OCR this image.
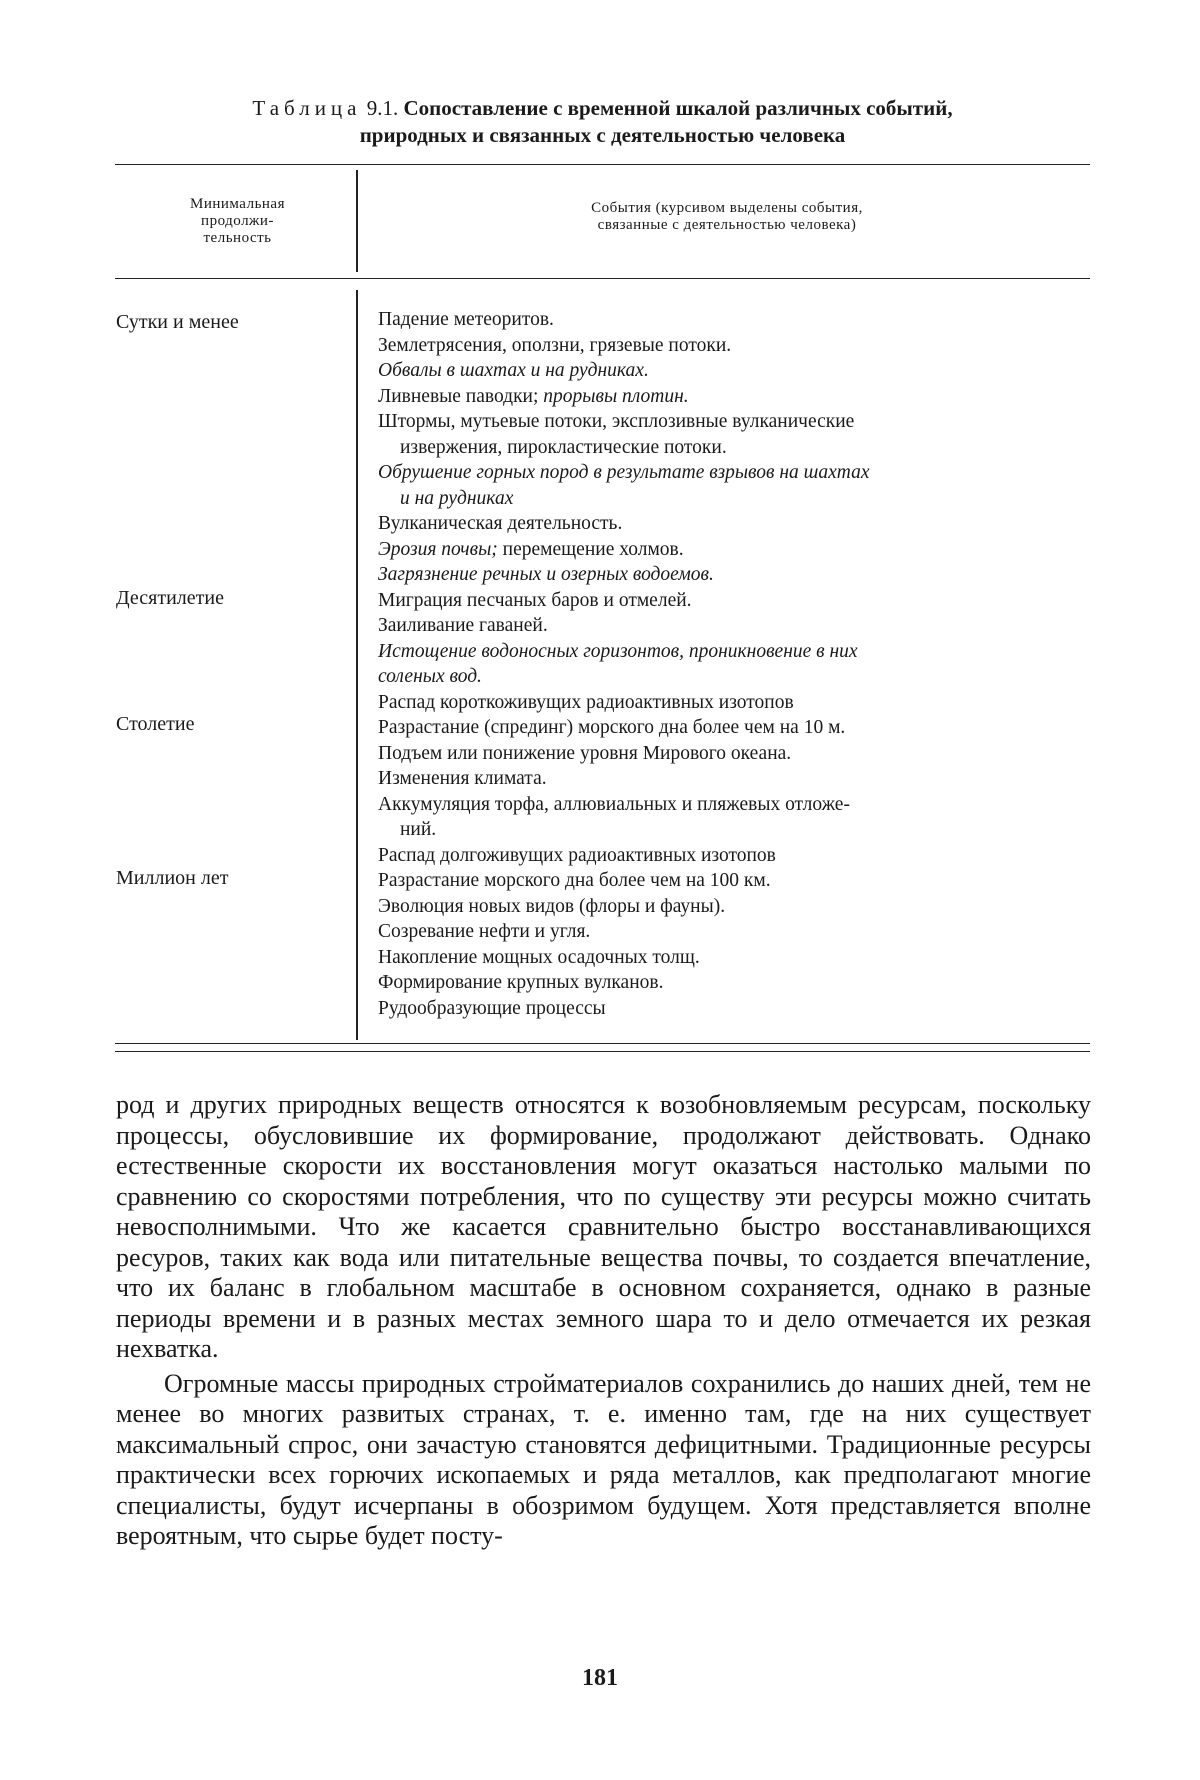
Таблица 9.1. Сопоставление с временной шкалой различных событий,
природных и связанных с деятельностью человека
Минимальная
продолжи-
тельность
События (курсивом выделены события,
связанные с деятельностью человека)
Сутки и менее
Десятилетие
Столетие
Миллион лет
Падение метеоритов.
Землетрясения, оползни, грязевые потоки.
Обвалы в шахтах и на рудниках.
Ливневые паводки; прорывы плотин.
Штормы, мутьевые потоки, эксплозивные вулканические
извержения, пирокластические потоки.
Обрушение горных пород в результате взрывов на шахтах
и на рудниках
Вулканическая деятельность.
Эрозия почвы; перемещение холмов.
Загрязнение речных и озерных водоемов.
Миграция песчаных баров и отмелей.
Заиливание гаваней.
Истощение водоносных горизонтов, проникновение в них
соленых вод.
Распад короткоживущих радиоактивных изотопов
Разрастание (спрединг) морского дна более чем на 10 м.
Подъем или понижение уровня Мирового океана.
Изменения климата.
Аккумуляция торфа, аллювиальных и пляжевых отложе-
ний.
Распад долгоживущих радиоактивных изотопов
Разрастание морского дна более чем на 100 км.
Эволюция новых видов (флоры и фауны).
Созревание нефти и угля.
Накопление мощных осадочных толщ.
Формирование крупных вулканов.
Рудообразующие процессы

род и других природных веществ относятся к возобновляемым ресурсам, поскольку процессы, обусловившие их формирование, продолжают действовать. Однако естественные скорости их восстановления могут оказаться настолько малыми по сравнению со скоростями потребления, что по существу эти ресурсы можно считать невосполнимыми. Что же касается сравнительно быстро восстанавливающихся ресуров, таких как вода или питательные вещества почвы, то создается впечатление, что их баланс в глобальном масштабе в основном сохраняется, однако в разные периоды времени и в разных местах земного шара то и дело отмечается их резкая нехватка.

Огромные массы природных стройматериалов сохранились до наших дней, тем не менее во многих развитых странах, т. е. именно там, где на них существует максимальный спрос, они зачастую становятся дефицитными. Традиционные ресурсы практически всех горючих ископаемых и ряда металлов, как предполагают многие специалисты, будут исчерпаны в обозримом будущем. Хотя представляется вполне вероятным, что сырье будет посту-

181
